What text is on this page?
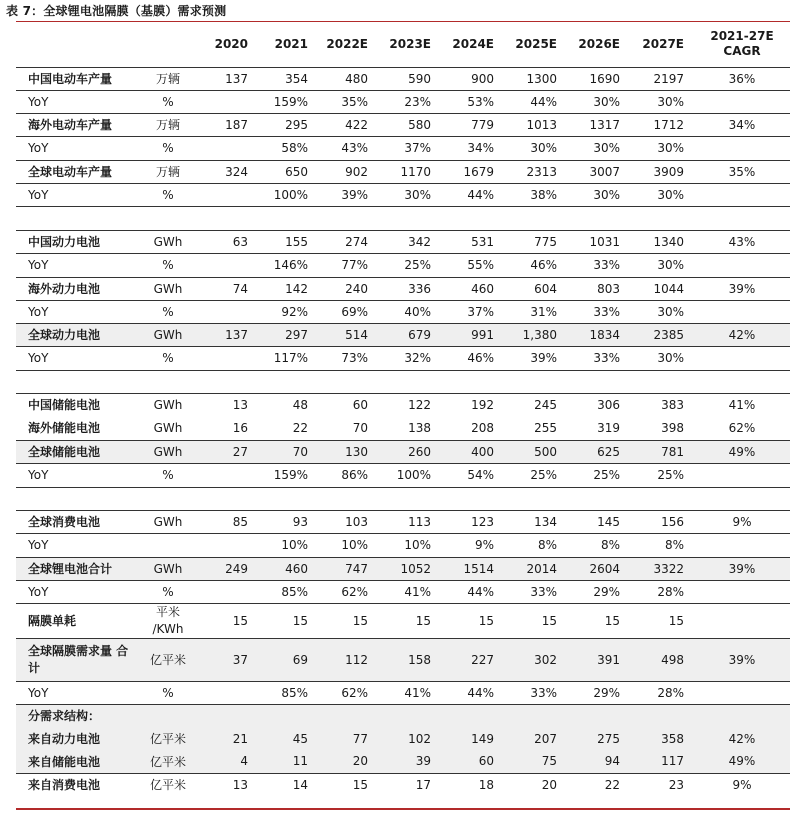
表 7：全球锂电池隔膜（基膜）需求预测
		2020	2021	2022E	2023E	2024E	2025E	2026E	2027E	2021-27E
CAGR

中国电动车产量	万辆	137	354	480	590	900	1300	1690	2197	36%
YoY	%		159%	35%	23%	53%	44%	30%	30%	
海外电动车产量	万辆	187	295	422	580	779	1013	1317	1712	34%
YoY	%		58%	43%	37%	34%	30%	30%	30%	
全球电动车产量	万辆	324	650	902	1170	1679	2313	3007	3909	35%
YoY	%		100%	39%	30%	44%	38%	30%	30%	

中国动力电池	GWh	63	155	274	342	531	775	1031	1340	43%
YoY	%		146%	77%	25%	55%	46%	33%	30%	
海外动力电池	GWh	74	142	240	336	460	604	803	1044	39%
YoY	%		92%	69%	40%	37%	31%	33%	30%	
全球动力电池	GWh	137	297	514	679	991	1,380	1834	2385	42%
YoY	%		117%	73%	32%	46%	39%	33%	30%	

中国储能电池	GWh	13	48	60	122	192	245	306	383	41%
海外储能电池	GWh	16	22	70	138	208	255	319	398	62%
全球储能电池	GWh	27	70	130	260	400	500	625	781	49%
YoY	%		159%	86%	100%	54%	25%	25%	25%	

全球消费电池	GWh	85	93	103	113	123	134	145	156	9%
YoY			10%	10%	10%	9%	8%	8%	8%	
全球锂电池合计	GWh	249	460	747	1052	1514	2014	2604	3322	39%
YoY	%		85%	62%	41%	44%	33%	29%	28%	
隔膜单耗	平米 /KWh	15	15	15	15	15	15	15	15	
全球隔膜需求量 合计	亿平米	37	69	112	158	227	302	391	498	39%
YoY	%		85%	62%	41%	44%	33%	29%	28%	
分需求结构：										
来自动力电池	亿平米	21	45	77	102	149	207	275	358	42%
来自储能电池	亿平米	4	11	20	39	60	75	94	117	49%
来自消费电池	亿平米	13	14	15	17	18	20	22	23	9%
